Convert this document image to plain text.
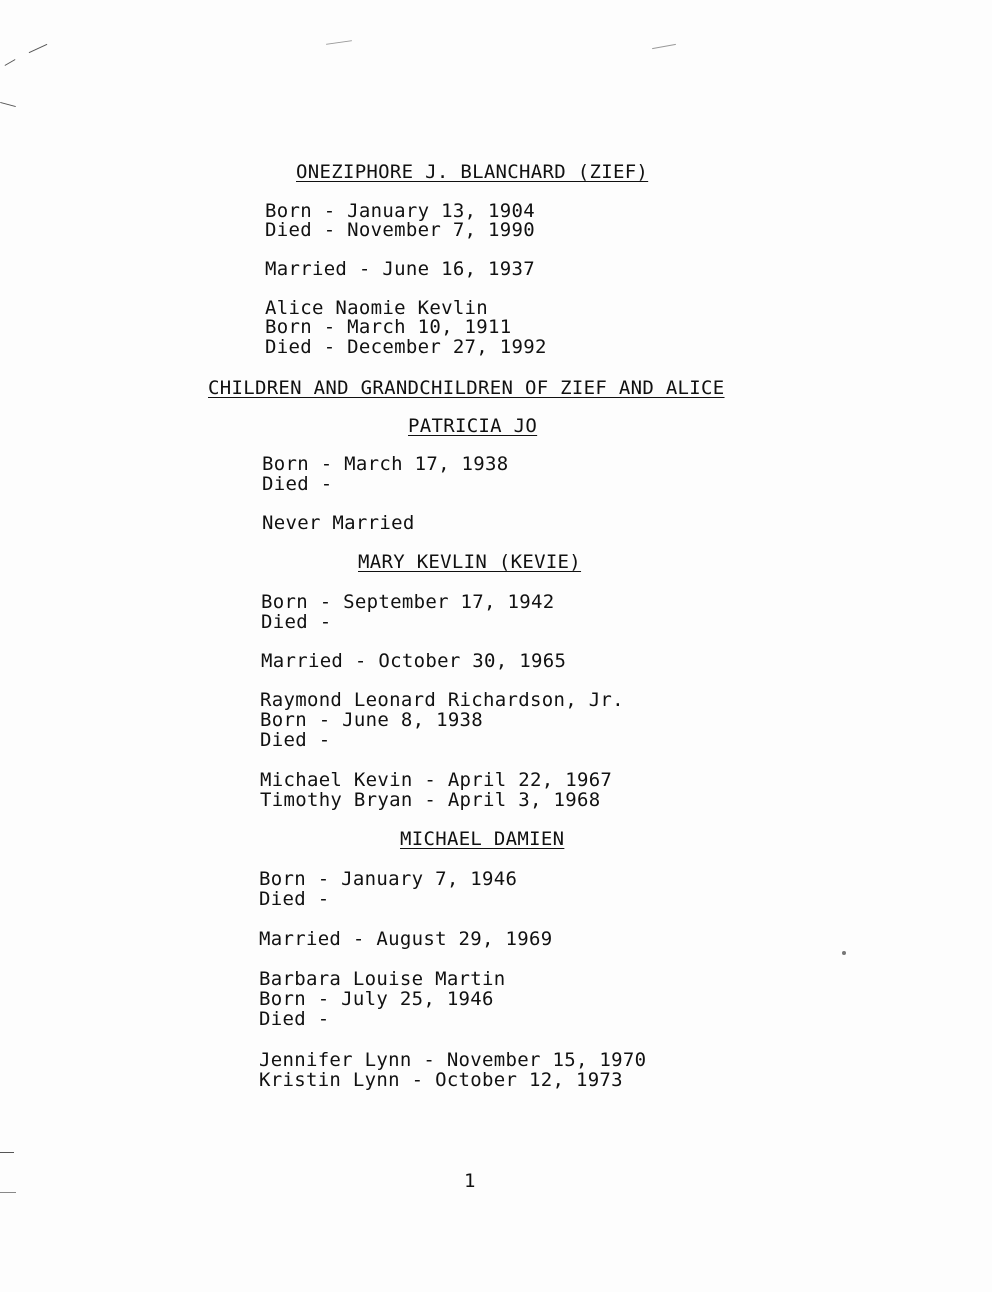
ONEZIPHORE J. BLANCHARD (ZIEF)
Born - January 13, 1904
Died - November 7, 1990
Married - June 16, 1937
Alice Naomie Kevlin
Born - March 10, 1911
Died - December 27, 1992
CHILDREN AND GRANDCHILDREN OF ZIEF AND ALICE
PATRICIA JO
Born - March 17, 1938
Died -
Never Married
MARY KEVLIN (KEVIE)
Born - September 17, 1942
Died -
Married - October 30, 1965
Raymond Leonard Richardson, Jr.
Born - June 8, 1938
Died -
Michael Kevin - April 22, 1967
Timothy Bryan - April 3, 1968
MICHAEL DAMIEN
Born - January 7, 1946
Died -
Married - August 29, 1969
Barbara Louise Martin
Born - July 25, 1946
Died -
Jennifer Lynn - November 15, 1970
Kristin Lynn - October 12, 1973
1
